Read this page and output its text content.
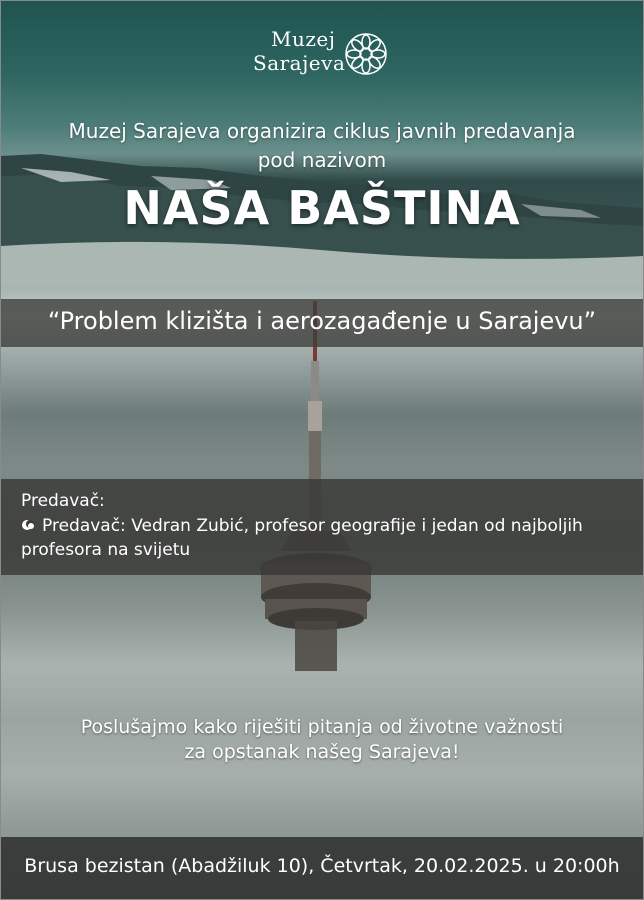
Muzej
Sarajeva
Muzej Sarajeva organizira ciklus javnih predavanja
pod nazivom
NAŠA BAŠTINA
“Problem klizišta i aerozagađenje u Sarajevu”
Predavač:
Predavač: Vedran Zubić, profesor geografije i jedan od najboljih
profesora na svijetu
Poslušajmo kako riješiti pitanja od životne važnosti
za opstanak našeg Sarajeva!
Brusa bezistan (Abadžiluk 10), Četvrtak, 20.02.2025. u 20:00h
